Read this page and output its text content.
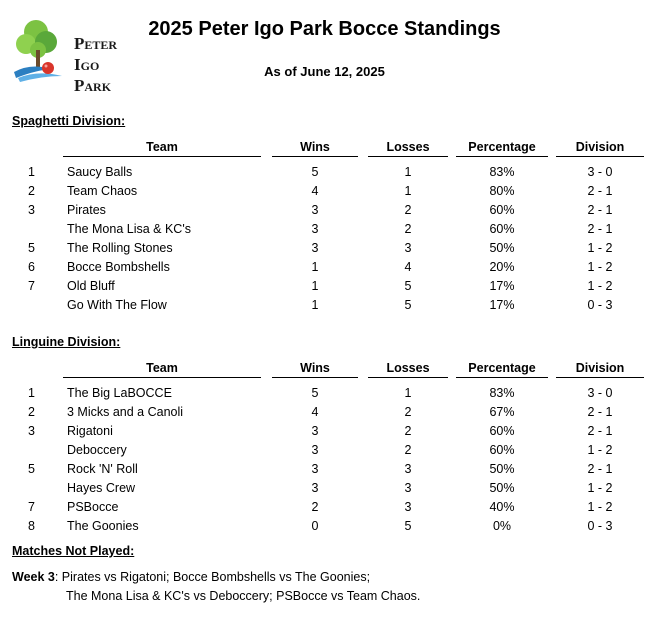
Peter
Igo
Park
2025 Peter Igo Park Bocce Standings
As of June 12, 2025
Spaghetti Division:
Team	Wins	Losses	Percentage	Division
1	Saucy Balls	5	1	83%	3 - 0
2	Team Chaos	4	1	80%	2 - 1
3	Pirates	3	2	60%	2 - 1
The Mona Lisa & KC's	3	2	60%	2 - 1
5	The Rolling Stones	3	3	50%	1 - 2
6	Bocce Bombshells	1	4	20%	1 - 2
7	Old Bluff	1	5	17%	1 - 2
Go With The Flow	1	5	17%	0 - 3
Linguine Division:
Team	Wins	Losses	Percentage	Division
1	The Big LaBOCCE	5	1	83%	3 - 0
2	3 Micks and a Canoli	4	2	67%	2 - 1
3	Rigatoni	3	2	60%	2 - 1
Deboccery	3	2	60%	1 - 2
5	Rock 'N' Roll	3	3	50%	2 - 1
Hayes Crew	3	3	50%	1 - 2
7	PSBocce	2	3	40%	1 - 2
8	The Goonies	0	5	0%	0 - 3
Matches Not Played:
Week 3: Pirates vs Rigatoni; Bocce Bombshells vs The Goonies;
The Mona Lisa & KC's vs Deboccery; PSBocce vs Team Chaos.
